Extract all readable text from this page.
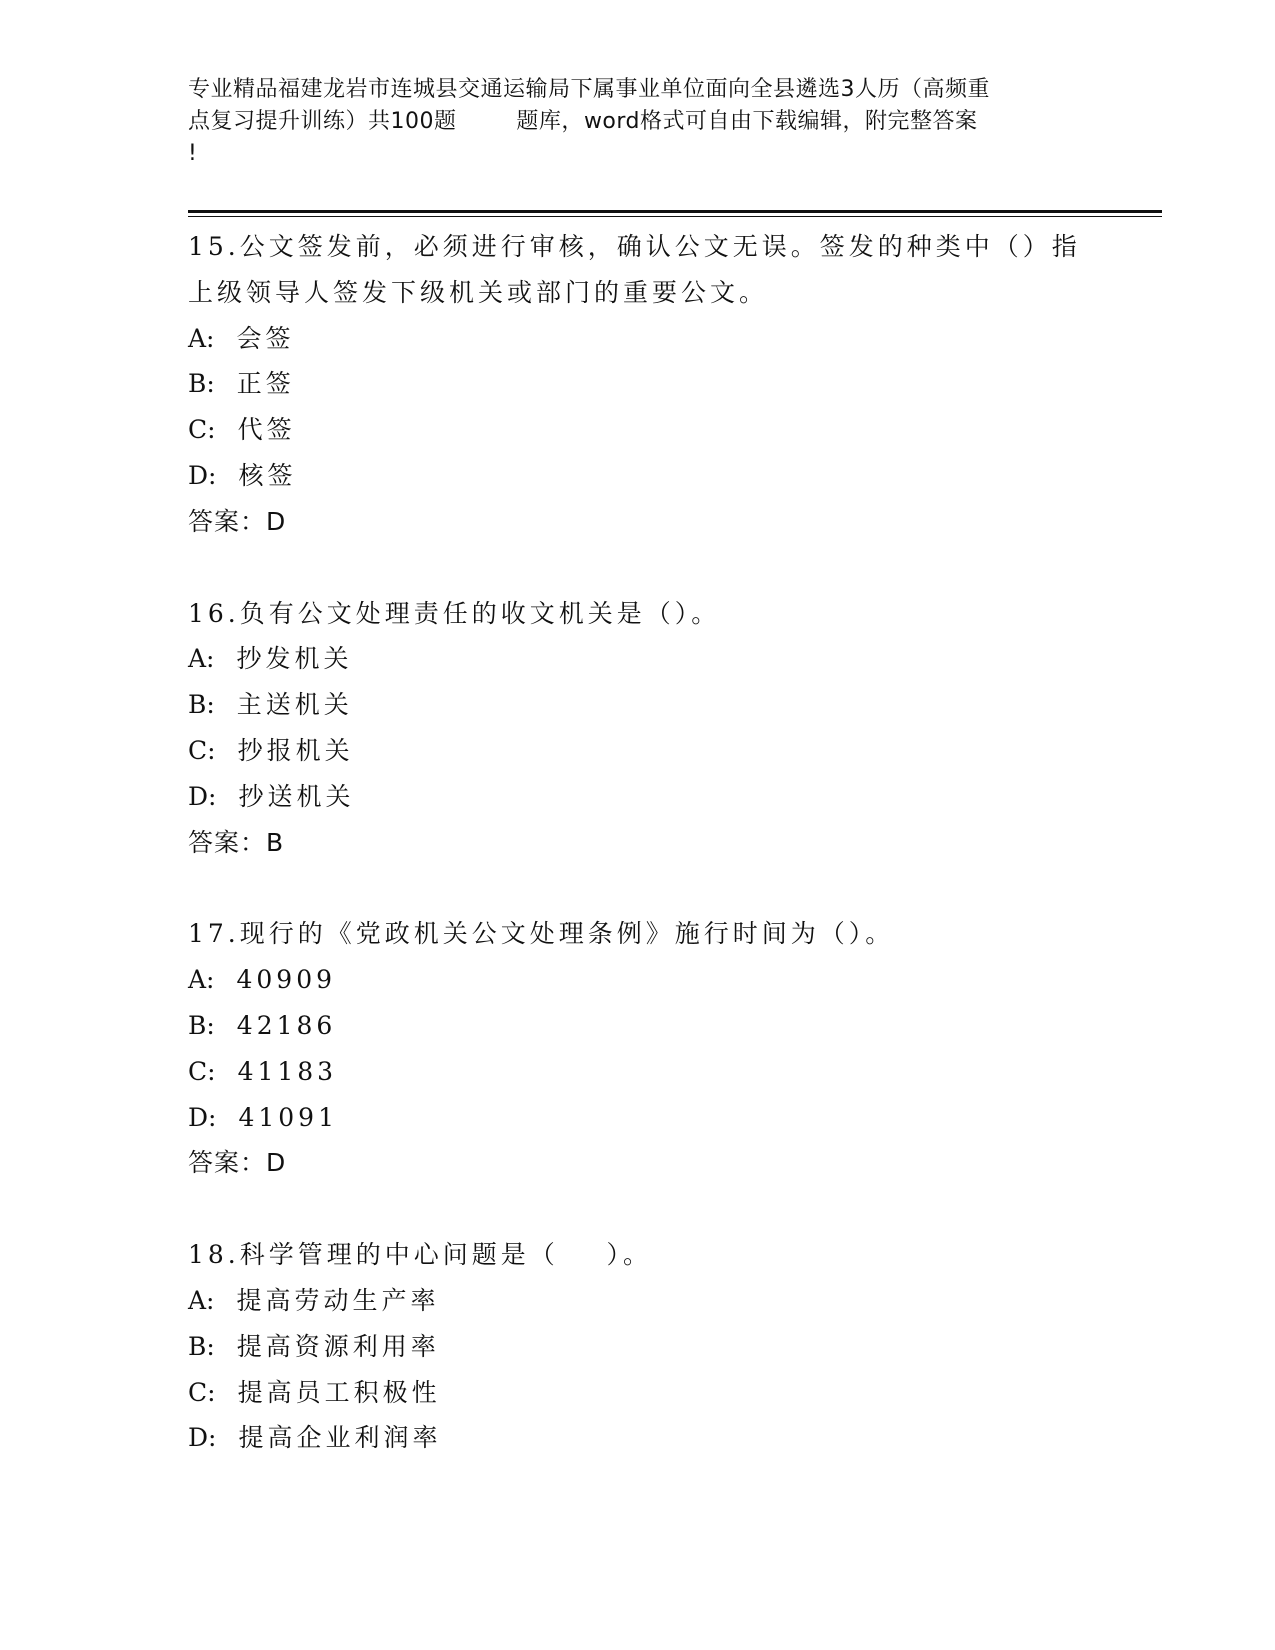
专业精品福建龙岩市连城县交通运输局下属事业单位面向全县遴选3人历（高频重
点复习提升训练）共100题        题库，word格式可自由下载编辑，附完整答案
!
15.公文签发前，必须进行审核，确认公文无误。签发的种类中（）指
上级领导人签发下级机关或部门的重要公文。
A: 会签
B: 正签
C: 代签
D: 核签
答案：D
16.负有公文处理责任的收文机关是（）。
A: 抄发机关
B: 主送机关
C: 抄报机关
D: 抄送机关
答案：B
17.现行的《党政机关公文处理条例》施行时间为（）。
A: 40909
B: 42186
C: 41183
D: 41091
答案：D
18.科学管理的中心问题是（    ）。
A: 提高劳动生产率
B: 提高资源利用率
C: 提高员工积极性
D: 提高企业利润率
